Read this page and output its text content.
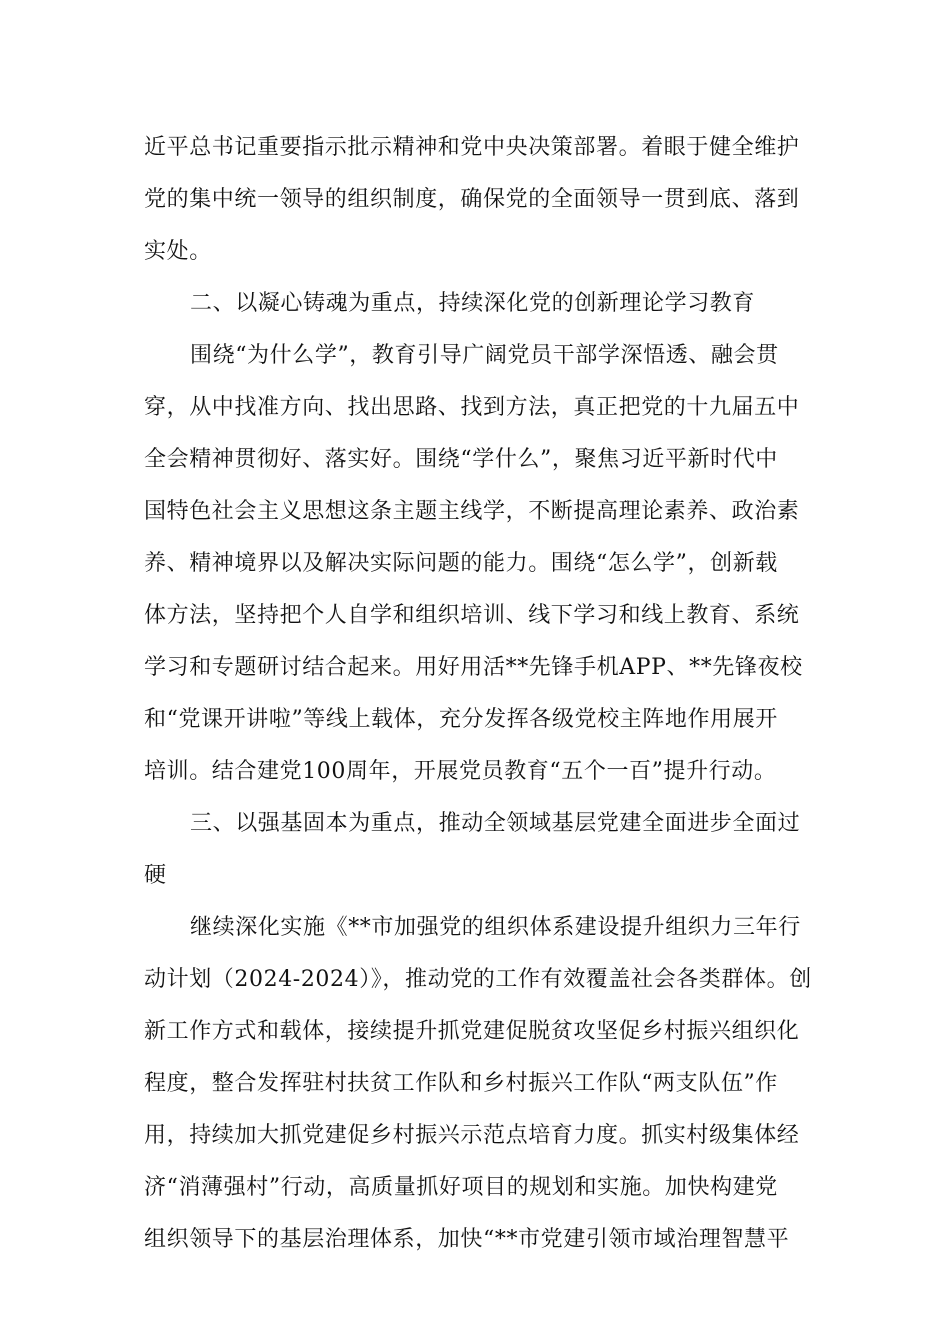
近平总书记重要指示批示精神和党中央决策部署。着眼于健全维护
党的集中统一领导的组织制度，确保党的全面领导一贯到底、落到
实处。
二、以凝心铸魂为重点，持续深化党的创新理论学习教育
围绕“为什么学”，教育引导广阔党员干部学深悟透、融会贯
穿，从中找准方向、找出思路、找到方法，真正把党的十九届五中
全会精神贯彻好、落实好。围绕“学什么”，聚焦习近平新时代中
国特色社会主义思想这条主题主线学，不断提高理论素养、政治素
养、精神境界以及解决实际问题的能力。围绕“怎么学”，创新载
体方法，坚持把个人自学和组织培训、线下学习和线上教育、系统
学习和专题研讨结合起来。用好用活**先锋手机APP、**先锋夜校
和“党课开讲啦”等线上载体，充分发挥各级党校主阵地作用展开
培训。结合建党100周年，开展党员教育“五个一百”提升行动。
三、以强基固本为重点，推动全领域基层党建全面进步全面过
硬
继续深化实施《**市加强党的组织体系建设提升组织力三年行
动计划（2024-2024）》，推动党的工作有效覆盖社会各类群体。创
新工作方式和载体，接续提升抓党建促脱贫攻坚促乡村振兴组织化
程度，整合发挥驻村扶贫工作队和乡村振兴工作队“两支队伍”作
用，持续加大抓党建促乡村振兴示范点培育力度。抓实村级集体经
济“消薄强村”行动，高质量抓好项目的规划和实施。加快构建党
组织领导下的基层治理体系，加快“**市党建引领市域治理智慧平
